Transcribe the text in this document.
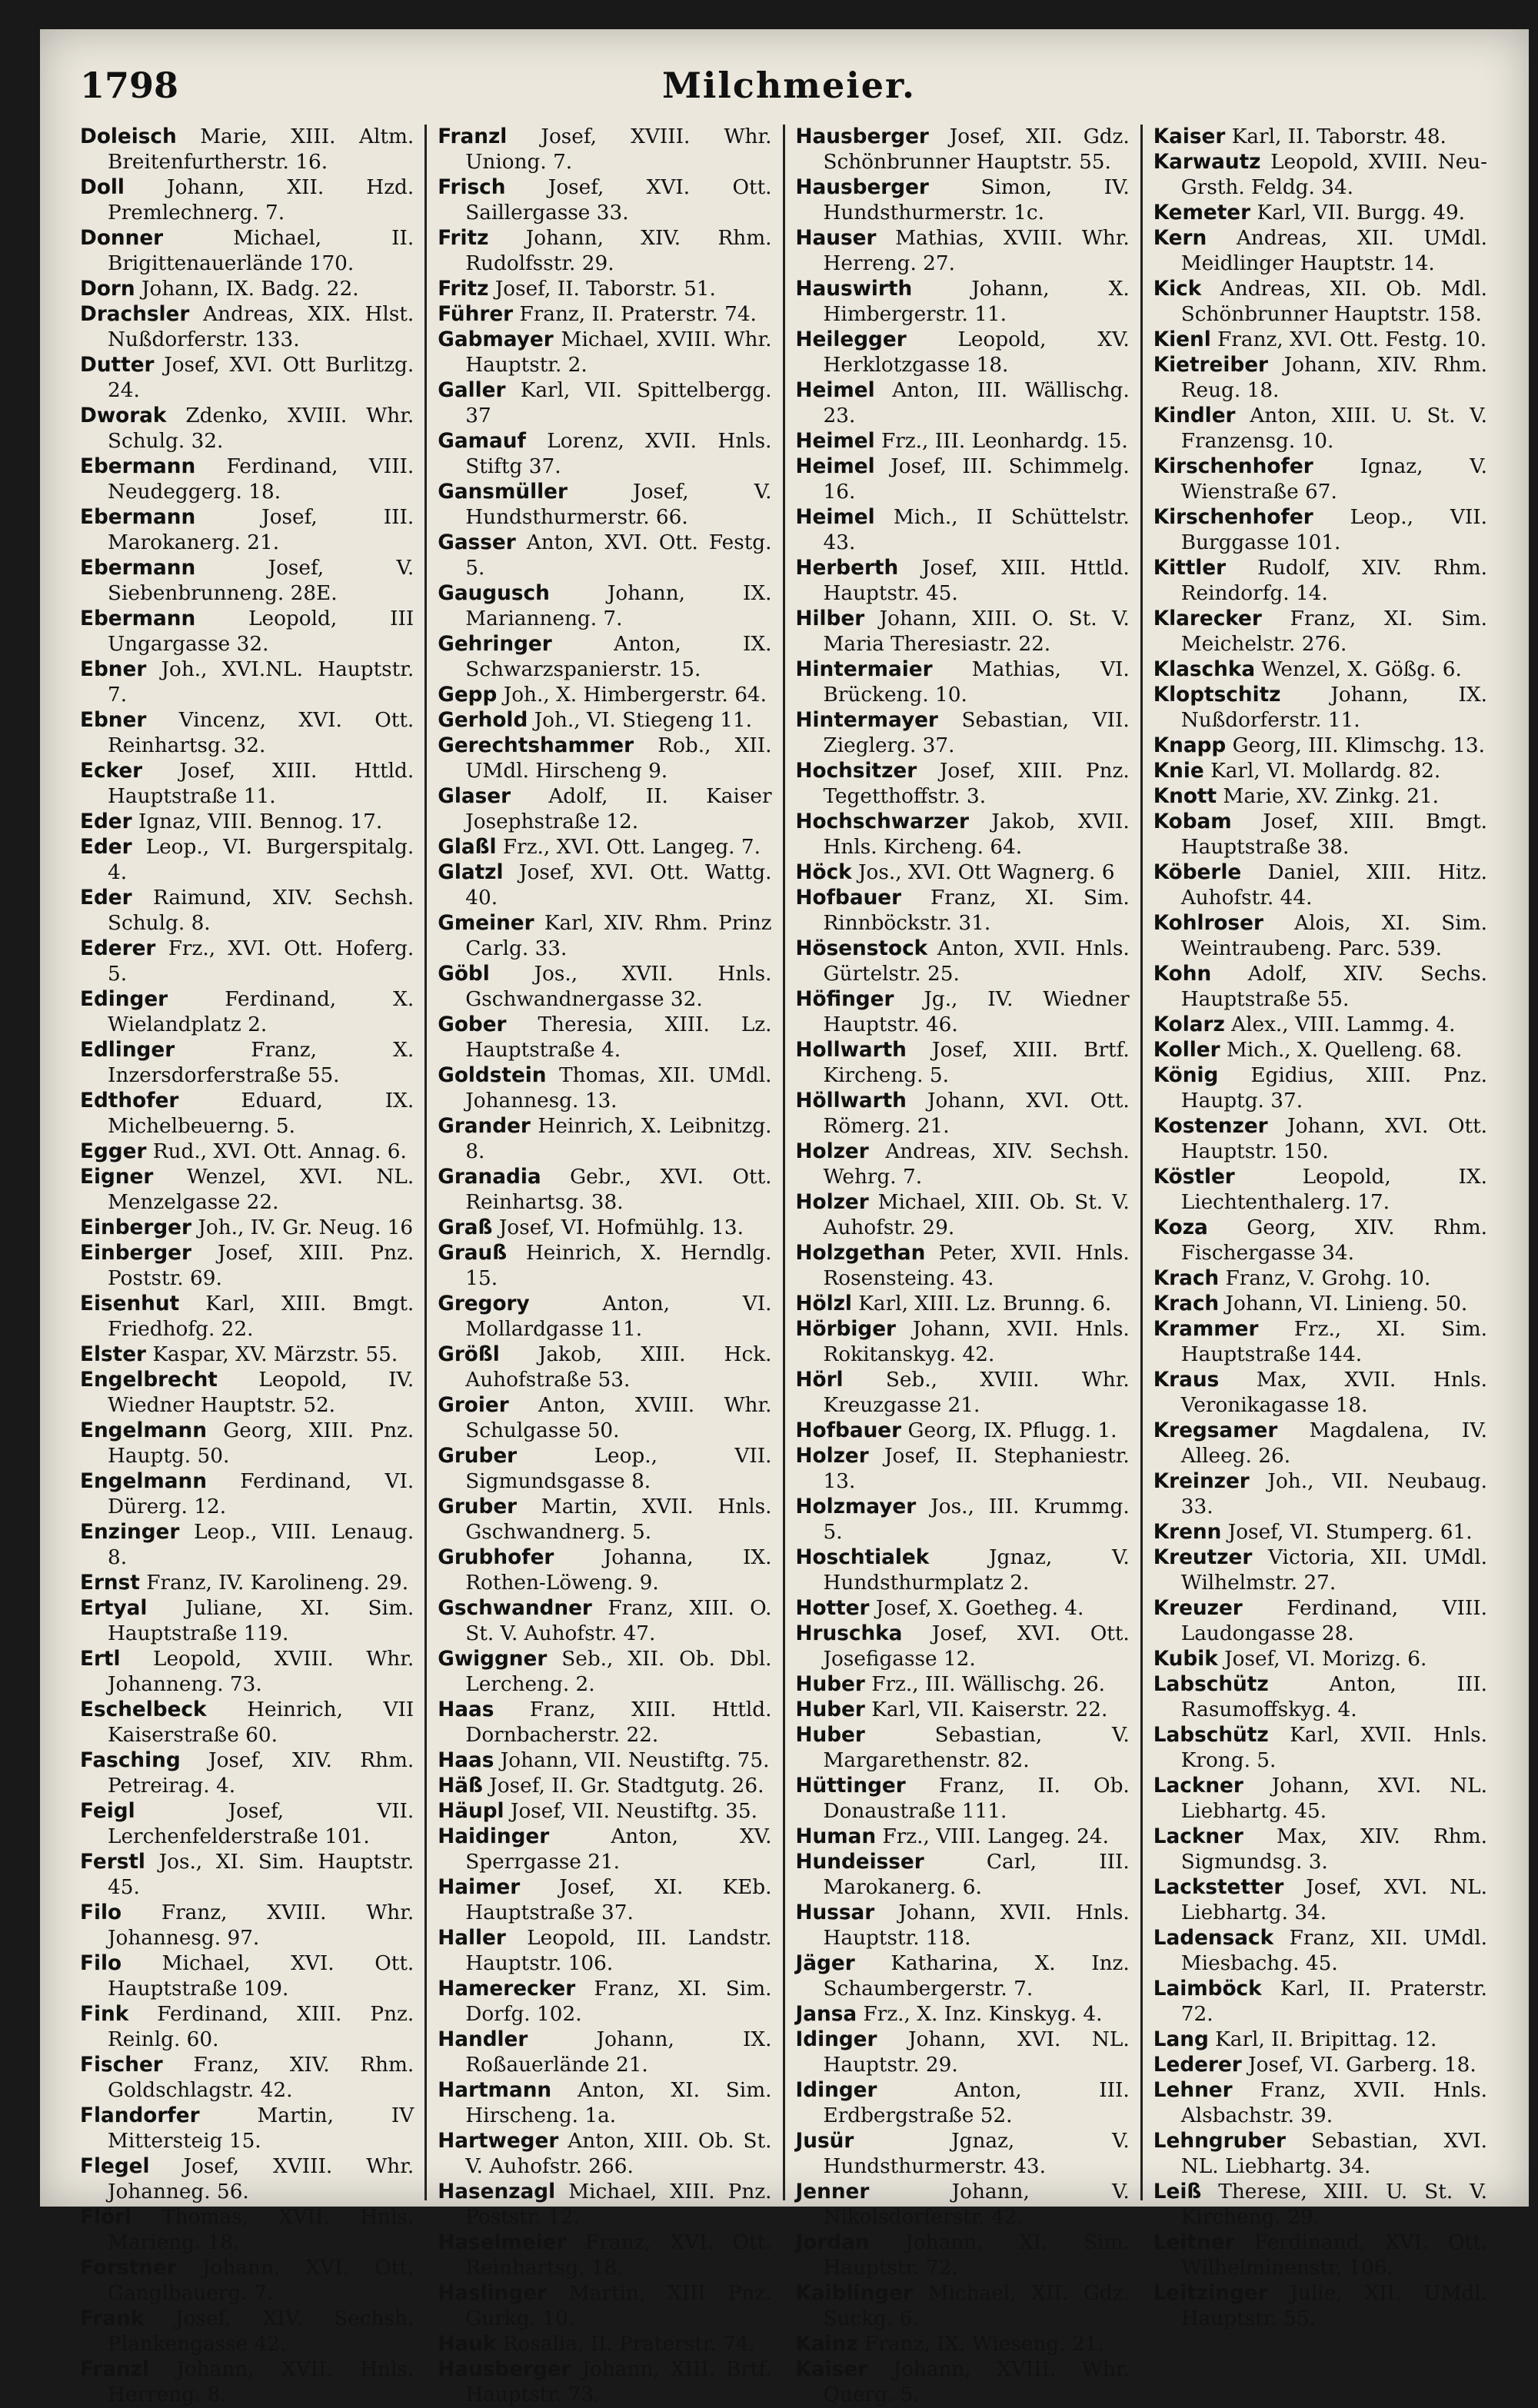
1798	Milchmeier.

Doleisch Marie, XIII. Altm. Breitenfurtherstr. 16.

Doll Johann, XII. Hzd. Premlechnerg. 7.

Donner	Michael, II. Brigittenauerlände 170.

Dorn Johann, IX. Badg. 22.

Drachsler Andreas, XIX. Hlst. Nußdorferstr. 133.

Dutter Josef, XVI. Ott Burlitzg. 24.

Dworak Zdenko, XVIII. Whr. Schulg. 32.

Ebermann Ferdinand, VIII. Neudeggerg. 18.

Ebermann	Josef, III. Marokanerg. 21.

Ebermann	Josef, V. Siebenbrunneng. 28E.

Ebermann	Leopold, III Ungargasse 32.

Ebner Joh., XVI.NL. Hauptstr. 7.

Ebner Vincenz, XVI. Ott. Reinhartsg. 32.

Ecker Josef, XIII. Httld. Hauptstraße 11.

Eder Ignaz, VIII. Bennog. 17.

Eder Leop., VI. Burgerspitalg. 4.

Eder Raimund, XIV. Sechsh. Schulg. 8.

Ederer Frz., XVI. Ott. Hoferg. 5.

Edinger	Ferdinand, X. Wielandplatz 2.

Edlinger	Franz, X. Inzersdorferstraße 55.

Edthofer	Eduard, IX. Michelbeuerng. 5.

Egger Rud., XVI. Ott. Annag. 6.

Eigner Wenzel, XVI. NL. Menzelgasse 22.

Einberger Joh., IV. Gr. Neug. 16

Einberger Josef, XIII. Pnz. Poststr. 69.

Eisenhut Karl, XIII. Bmgt. Friedhofg. 22.

Elster Kaspar, XV. Märzstr. 55.

Engelbrecht Leopold, IV. Wiedner Hauptstr. 52.

Engelmann Georg, XIII. Pnz. Hauptg. 50.

Engelmann Ferdinand, VI. Dürerg. 12.

Enzinger Leop., VIII. Lenaug. 8.

Ernst Franz, IV. Karolineng. 29.

Ertyal Juliane, XI. Sim. Hauptstraße 119.

Ertl Leopold, XVIII. Whr. Johanneng. 73.

Eschelbeck Heinrich, VII Kaiserstraße 60.

Fasching Josef, XIV. Rhm. Petreirag. 4.

Feigl	Josef, VII. Lerchenfelderstraße 101.

Ferstl Jos., XI. Sim. Hauptstr. 45.

Filo Franz, XVIII. Whr. Johannesg. 97.

Filo Michael, XVI. Ott. Hauptstraße 109.

Fink Ferdinand, XIII. Pnz. Reinlg. 60.

Fischer Franz, XIV. Rhm. Goldschlagstr. 42.

Flandorfer	Martin, IV Mittersteig 15.

Flegel Josef, XVIII. Whr. Johanneg. 56.

Flörl Thomas, XVII. Hnls. Marieng. 18.

Forstner Johann, XVI. Ott. Ganglbauerg. 7.

Frank Josef, XIV. Sechsh. Plankengasse 42.

Franzl Johann, XVII. Hnls. Herreng. 8.

Franzl Josef, XVIII. Whr. Uniong. 7.

Frisch Josef, XVI. Ott. Saillergasse 33.

Fritz Johann, XIV. Rhm. Rudolfsstr. 29.

Fritz Josef, II. Taborstr. 51.

Führer Franz, II. Praterstr. 74.

Gabmayer Michael, XVIII. Whr. Hauptstr. 2.

Galler Karl, VII. Spittelbergg. 37

Gamauf Lorenz, XVII. Hnls. Stiftg 37.

Gansmüller	Josef, V. Hundsthurmerstr. 66.

Gasser Anton, XVI. Ott. Festg. 5.

Gaugusch	Johann, IX. Marianneng. 7.

Gehringer	Anton, IX. Schwarzspanierstr. 15.

Gepp Joh., X. Himbergerstr. 64.

Gerhold Joh., VI. Stiegeng 11.

Gerechtshammer Rob., XII. UMdl. Hirscheng 9.

Glaser Adolf, II. Kaiser Josephstraße 12.

Glaßl Frz., XVI. Ott. Langeg. 7.

Glatzl Josef, XVI. Ott. Wattg. 40.

Gmeiner Karl, XIV. Rhm. Prinz Carlg. 33.

Göbl Jos., XVII. Hnls. Gschwandnergasse 32.

Gober Theresia, XIII. Lz. Hauptstraße 4.

Goldstein Thomas, XII. UMdl. Johannesg. 13.

Grander Heinrich, X. Leibnitzg. 8.

Granadia Gebr., XVI. Ott. Reinhartsg. 38.

Graß Josef, VI. Hofmühlg. 13.

Grauß Heinrich, X. Herndlg. 15.

Gregory	Anton, VI. Mollardgasse 11.

Größl Jakob, XIII. Hck. Auhofstraße 53.

Groier Anton, XVIII. Whr. Schulgasse 50.

Gruber	Leop., VII. Sigmundsgasse 8.

Gruber Martin, XVII. Hnls. Gschwandnerg. 5.

Grubhofer Johanna, IX. Rothen-Löweng. 9.

Gschwandner Franz, XIII. O. St. V. Auhofstr. 47.

Gwiggner Seb., XII. Ob. Dbl. Lercheng. 2.

Haas Franz, XIII. Httld. Dornbacherstr. 22.

Haas Johann, VII. Neustiftg. 75.

Häß Josef, II. Gr. Stadtgutg. 26.

Häupl Josef, VII. Neustiftg. 35.

Haidinger	Anton, XV. Sperrgasse 21.

Haimer Josef, XI. KEb. Hauptstraße 37.

Haller Leopold, III. Landstr. Hauptstr. 106.

Hamerecker Franz, XI. Sim. Dorfg. 102.

Handler	Johann, IX. Roßauerlände 21.

Hartmann Anton, XI. Sim. Hirscheng. 1a.

Hartweger Anton, XIII. Ob. St. V. Auhofstr. 266.

Hasenzagl Michael, XIII. Pnz. Poststr. 12.

Haselmeier Franz, XVI. Ott. Reinhartsg. 18.

Haslinger Martin, XIII Pnz. Gurkg. 10.

Hauk Rosalia, II. Praterstr. 74.

Hausberger Johann, XIII. Brtf. Hauptstr. 73.

Hausberger Josef, XII. Gdz. Schönbrunner Hauptstr. 55.

Hausberger	Simon, IV. Hundsthurmerstr. 1c.

Hauser Mathias, XVIII. Whr. Herreng. 27.

Hauswirth	Johann, X. Himbergerstr. 11.

Heilegger	Leopold, XV. Herklotzgasse 18.

Heimel Anton, III. Wällischg. 23.

Heimel Frz., III. Leonhardg. 15.

Heimel Josef, III. Schimmelg. 16.

Heimel Mich., II Schüttelstr. 43.

Herberth Josef, XIII. Httld. Hauptstr. 45.

Hilber Johann, XIII. O. St. V. Maria Theresiastr. 22.

Hintermaier Mathias, VI. Brückeng. 10.

Hintermayer Sebastian, VII. Zieglerg. 37.

Hochsitzer Josef, XIII. Pnz. Tegetthoffstr. 3.

Hochschwarzer Jakob, XVII. Hnls. Kircheng. 64.

Höck Jos., XVI. Ott Wagnerg. 6

Hofbauer Franz, XI. Sim. Rinnböckstr. 31.

Hösenstock Anton, XVII. Hnls. Gürtelstr. 25.

Höfinger Jg., IV. Wiedner Hauptstr. 46.

Hollwarth Josef, XIII. Brtf. Kircheng. 5.

Höllwarth Johann, XVI. Ott. Römerg. 21.

Holzer Andreas, XIV. Sechsh. Wehrg. 7.

Holzer Michael, XIII. Ob. St. V. Auhofstr. 29.

Holzgethan Peter, XVII. Hnls. Rosensteing. 43.

Hölzl Karl, XIII. Lz. Brunng. 6.

Hörbiger Johann, XVII. Hnls. Rokitanskyg. 42.

Hörl Seb., XVIII. Whr. Kreuzgasse 21.

Hofbauer Georg, IX. Pflugg. 1.

Holzer Josef, II. Stephaniestr. 13.

Holzmayer Jos., III. Krummg. 5.

Hoschtialek	Jgnaz, V. Hundsthurmplatz 2.

Hotter Josef, X. Goetheg. 4.

Hruschka Josef, XVI. Ott. Josefigasse 12.

Huber Frz., III. Wällischg. 26.

Huber Karl, VII. Kaiserstr. 22.

Huber	Sebastian, V. Margarethenstr. 82.

Hüttinger Franz, II. Ob. Donaustraße 111.

Human Frz., VIII. Langeg. 24.

Hundeisser	Carl, III. Marokanerg. 6.

Hussar Johann, XVII. Hnls. Hauptstr. 118.

Jäger Katharina, X. Inz. Schaumbergerstr. 7.

Jansa Frz., X. Inz. Kinskyg. 4.

Idinger Johann, XVI. NL. Hauptstr. 29.

Idinger	Anton, III. Erdbergstraße 52.

Jusür	Jgnaz, V. Hundsthurmerstr. 43.

Jenner	Johann, V. Nikolsdorferstr. 42.

Jordan Johann, XI. Sim. Hauptstr. 72.

Kaiblinger Michael, XII. Gdz. Suckg. 6.

Kainz Franz, IX. Wieseng. 21.

Kaiser Johann, XVIII. Whr. Querg. 5.

Kaiser Karl, II. Taborstr. 48.

Karwautz Leopold, XVIII. Neu-Grsth. Feldg. 34.

Kemeter Karl, VII. Burgg. 49.

Kern Andreas, XII. UMdl. Meidlinger Hauptstr. 14.

Kick Andreas, XII. Ob. Mdl. Schönbrunner Hauptstr. 158.

Kienl Franz, XVI. Ott. Festg. 10.

Kietreiber Johann, XIV. Rhm. Reug. 18.

Kindler Anton, XIII. U. St. V. Franzensg. 10.

Kirschenhofer Ignaz, V. Wienstraße 67.

Kirschenhofer Leop., VII. Burggasse 101.

Kittler Rudolf, XIV. Rhm. Reindorfg. 14.

Klarecker Franz, XI. Sim. Meichelstr. 276.

Klaschka Wenzel, X. Gößg. 6.

Kloptschitz Johann, IX. Nußdorferstr. 11.

Knapp Georg, III. Klimschg. 13.

Knie Karl, VI. Mollardg. 82.

Knott Marie, XV. Zinkg. 21.

Kobam Josef, XIII. Bmgt. Hauptstraße 38.

Köberle Daniel, XIII. Hitz. Auhofstr. 44.

Kohlroser Alois, XI. Sim. Weintraubeng. Parc. 539.

Kohn Adolf, XIV. Sechs. Hauptstraße 55.

Kolarz Alex., VIII. Lammg. 4.

Koller Mich., X. Quelleng. 68.

König Egidius, XIII. Pnz. Hauptg. 37.

Kostenzer Johann, XVI. Ott. Hauptstr. 150.

Köstler	Leopold, IX. Liechtenthalerg. 17.

Koza Georg, XIV. Rhm. Fischergasse 34.

Krach Franz, V. Grohg. 10.

Krach Johann, VI. Linieng. 50.

Krammer Frz., XI. Sim. Hauptstraße 144.

Kraus Max, XVII. Hnls. Veronikagasse 18.

Kregsamer Magdalena, IV. Alleeg. 26.

Kreinzer Joh., VII. Neubaug. 33.

Krenn Josef, VI. Stumperg. 61.

Kreutzer Victoria, XII. UMdl. Wilhelmstr. 27.

Kreuzer Ferdinand, VIII. Laudongasse 28.

Kubik Josef, VI. Morizg. 6.

Labschütz	Anton, III. Rasumoffskyg. 4.

Labschütz Karl, XVII. Hnls. Krong. 5.

Lackner Johann, XVI. NL. Liebhartg. 45.

Lackner Max, XIV. Rhm. Sigmundsg. 3.

Lackstetter Josef, XVI. NL. Liebhartg. 34.

Ladensack Franz, XII. UMdl. Miesbachg. 45.

Laimböck Karl, II. Praterstr. 72.

Lang Karl, II. Bripittag. 12.

Lederer Josef, VI. Garberg. 18.

Lehner Franz, XVII. Hnls. Alsbachstr. 39.

Lehngruber Sebastian, XVI. NL. Liebhartg. 34.

Leiß Therese, XIII. U. St. V. Kircheng. 29.

Leitner Ferdinand, XVI. Ott. Wilhelminenstr. 106.

Leitzinger Julie, XII. UMdl. Hauptstr. 55.
